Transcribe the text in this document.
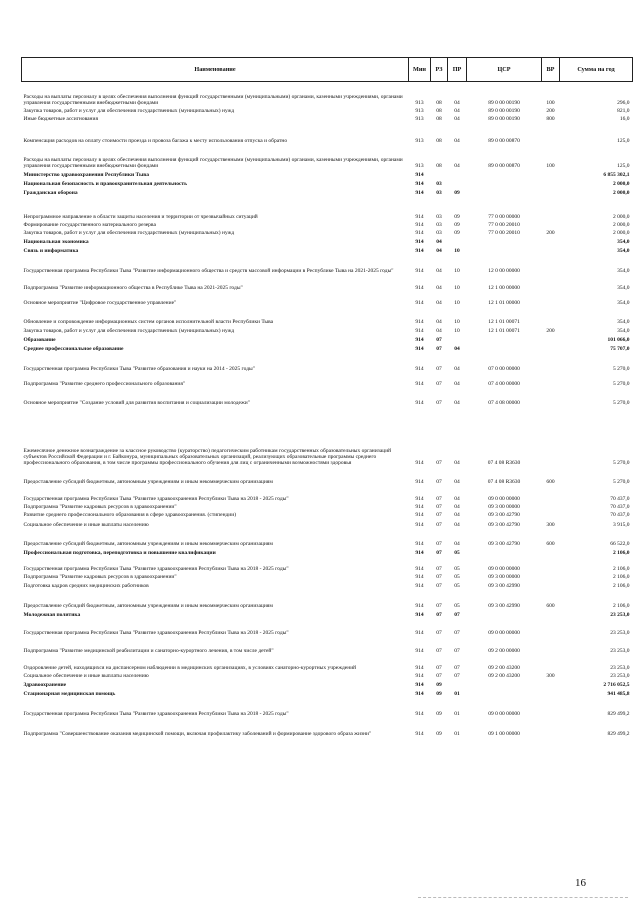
Наименование	Мин	РЗ	ПР	ЦСР	ВР	Сумма на год
Расходы на выплаты персоналу в целях обеспечения выполнения функций государственными (муниципальными) органами, казенными учреждениями, органами управления государственными внебюджетными фондами	913	08	04	89 0 00 00190	100	296,0
Закупка товаров, работ и услуг для обеспечения государственных (муниципальных) нужд	913	08	04	89 0 00 00190	200	821,0
Иные бюджетные ассигнования	913	08	04	89 0 00 00190	800	16,0
Компенсация расходов на оплату стоимости проезда и провоза багажа к месту использования отпуска и обратно	913	08	04	89 0 00 00870		125,0
Расходы на выплаты персоналу в целях обеспечения выполнения функций государственными (муниципальными) органами, казенными учреждениями, органами управления государственными внебюджетными фондами	913	08	04	89 0 00 00870	100	125,0
Министерство здравоохранения Республики Тыва	914					6 855 302,1
Национальная безопасность и правоохранительная деятельность	914	03				2 000,0
Гражданская оборона	914	03	09			2 000,0
Непрограммное направление в области защиты населения и территории от чрезвычайных ситуаций	914	03	09	77 0 00 00000		2 000,0
Формирование государственного материального резерва	914	03	09	77 0 00 20010		2 000,0
Закупка товаров, работ и услуг для обеспечения государственных (муниципальных) нужд	914	03	09	77 0 00 20010	200	2 000,0
Национальная экономика	914	04				354,0
Связь и информатика	914	04	10			354,0
Государственная программа Республики Тыва "Развитие информационного общества и средств массовой информации в Республике Тыва на 2021-2025 годы"	914	04	10	12 0 00 00000		354,0
Подпрограмма "Развитие информационного общества в Республике Тыва на 2021-2025 годы"	914	04	10	12 1 00 00000		354,0
Основное мероприятие "Цифровое государственное управление"	914	04	10	12 1 01 00000		354,0
Обновление и сопровождение информационных систем органов исполнительной власти Республики Тыва	914	04	10	12 1 01 00071		354,0
Закупка товаров, работ и услуг для обеспечения государственных (муниципальных) нужд	914	04	10	12 1 01 00071	200	354,0
Образование	914	07				101 066,0
Среднее профессиональное образование	914	07	04			75 707,0
Государственная программа Республики Тыва "Развитие образования и науки на 2014 - 2025 годы"	914	07	04	07 0 00 00000		5 270,0
Подпрограмма "Развитие среднего профессионального образования"	914	07	04	07 4 00 00000		5 270,0
Основное мероприятие "Создание условий для развития воспитания и социализации молодежи"	914	07	04	07 4 08 00000		5 270,0
Ежемесячное денежное вознаграждение за классное руководство (кураторство) педагогическим работникам государственных образовательных организаций субъектов Российской Федерации и г. Байконура, муниципальных образовательных организаций, реализующих образовательные программы среднего профессионального образования, в том числе программы профессионального обучения для лиц с ограниченными возможностями здоровья	914	07	04	07 4 08 R3630		5 270,0
Предоставление субсидий бюджетным, автономным учреждениям и иным некоммерческим организациям	914	07	04	07 4 08 R3630	600	5 270,0
Государственная программа Республики Тыва "Развитие здравоохранения Республики Тыва на 2018 - 2025 годы"	914	07	04	09 0 00 00000		70 437,0
Подпрограмма "Развитие кадровых ресурсов в здравоохранении"	914	07	04	09 3 00 00000		70 437,0
Развитие среднего профессионального образования в сфере здравоохранения. (стипендии)	914	07	04	09 3 00 42790		70 437,0
Социальное обеспечение и иные выплаты населению	914	07	04	09 3 00 42790	300	3 915,0
Предоставление субсидий бюджетным, автономным учреждениям и иным некоммерческим организациям	914	07	04	09 3 00 42790	600	66 522,0
Профессиональная подготовка, переподготовка и повышение квалификации	914	07	05			2 106,0
Государственная программа Республики Тыва "Развитие здравоохранения Республики Тыва на 2018 - 2025 годы"	914	07	05	09 0 00 00000		2 106,0
Подпрограмма "Развитие кадровых ресурсов в здравоохранении"	914	07	05	09 3 00 00000		2 106,0
Подготовка кадров средних медицинских работников	914	07	05	09 3 00 42990		2 106,0
Предоставление субсидий бюджетным, автономным учреждениям и иным некоммерческим организациям	914	07	05	09 3 00 42990	600	2 106,0
Молодежная политика	914	07	07			23 253,0
Государственная программа Республики Тыва "Развитие здравоохранения Республики Тыва на 2018 - 2025 годы"	914	07	07	09 0 00 00000		23 253,0
Подпрограмма "Развитие медицинской реабилитации и санаторно-курортного лечения, в том числе детей"	914	07	07	09 2 00 00000		23 253,0
Оздоровление детей, находящихся на диспансерном наблюдении в медицинских организациях, в условиях санаторно-курортных учреждений	914	07	07	09 2 00 43200		23 253,0
Социальное обеспечение и иные выплаты населению	914	07	07	09 2 00 43200	300	23 253,0
Здравоохранение	914	09				2 716 052,5
Стационарная медицинская помощь	914	09	01			941 485,8
Государственная программа Республики Тыва "Развитие здравоохранения Республики Тыва на 2018 - 2025 годы"	914	09	01	09 0 00 00000		829 499,2
Подпрограмма "Совершенствование оказания медицинской помощи, включая профилактику заболеваний и формирование здорового образа жизни"	914	09	01	09 1 00 00000		829 499,2
16
